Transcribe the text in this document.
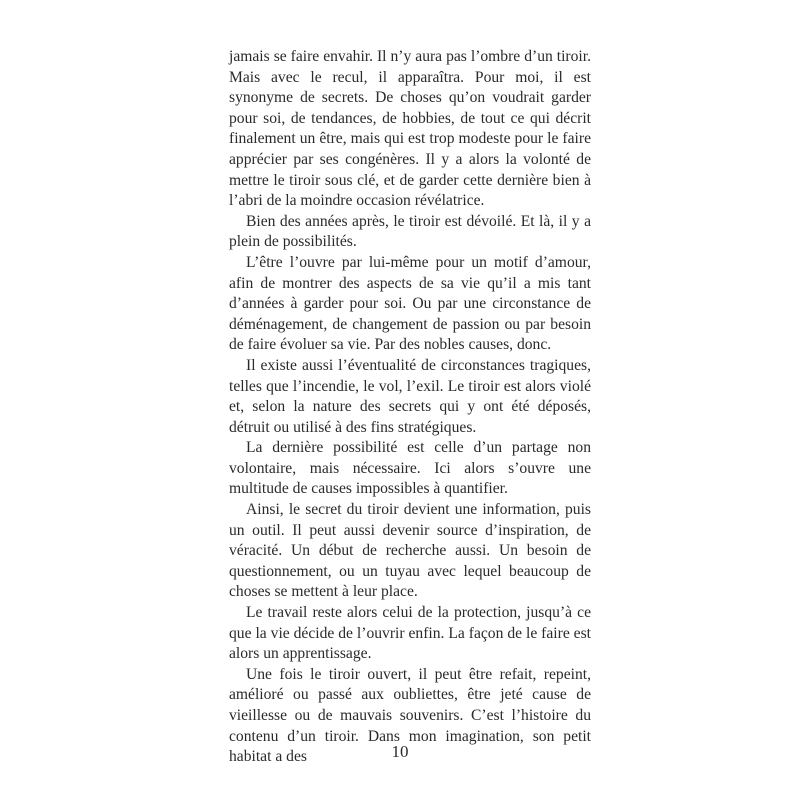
jamais se faire envahir. Il n’y aura pas l’ombre d’un tiroir. Mais avec le recul, il apparaîtra. Pour moi, il est synonyme de secrets. De choses qu’on voudrait garder pour soi, de tendances, de hobbies, de tout ce qui décrit finalement un être, mais qui est trop modeste pour le faire apprécier par ses congénères. Il y a alors la volonté de mettre le tiroir sous clé, et de garder cette dernière bien à l’abri de la moindre occasion révélatrice.

Bien des années après, le tiroir est dévoilé. Et là, il y a plein de possibilités.

L’être l’ouvre par lui-même pour un motif d’amour, afin de montrer des aspects de sa vie qu’il a mis tant d’années à garder pour soi. Ou par une circonstance de déménagement, de changement de passion ou par besoin de faire évoluer sa vie. Par des nobles causes, donc.

Il existe aussi l’éventualité de circonstances tragiques, telles que l’incendie, le vol, l’exil. Le tiroir est alors violé et, selon la nature des secrets qui y ont été déposés, détruit ou utilisé à des fins stratégiques.

La dernière possibilité est celle d’un partage non volontaire, mais nécessaire. Ici alors s’ouvre une multitude de causes impossibles à quantifier.

Ainsi, le secret du tiroir devient une information, puis un outil. Il peut aussi devenir source d’inspiration, de véracité. Un début de recherche aussi. Un besoin de questionnement, ou un tuyau avec lequel beaucoup de choses se mettent à leur place.

Le travail reste alors celui de la protection, jusqu’à ce que la vie décide de l’ouvrir enfin. La façon de le faire est alors un apprentissage.

Une fois le tiroir ouvert, il peut être refait, repeint, amélioré ou passé aux oubliettes, être jeté cause de vieillesse ou de mauvais souvenirs. C’est l’histoire du contenu d’un tiroir. Dans mon imagination, son petit habitat a des	10
